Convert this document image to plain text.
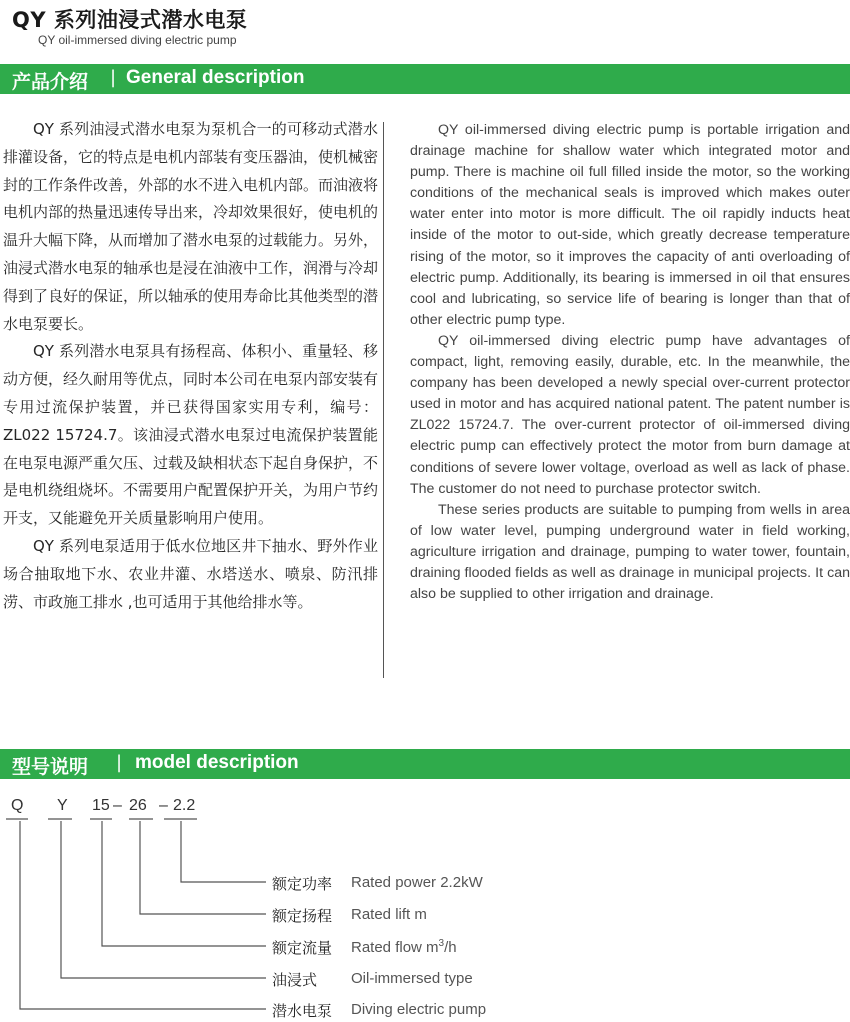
QY 系列油浸式潜水电泵
QY oil-immersed diving electric pump
产品介绍 | General description

QY 系列油浸式潜水电泵为泵机合一的可移动式潜水排灌设备，它的特点是电机内部装有变压器油，使机械密封的工作条件改善，外部的水不进入电机内部。而油液将电机内部的热量迅速传导出来，冷却效果很好，使电机的温升大幅下降，从而增加了潜水电泵的过载能力。另外，油浸式潜水电泵的轴承也是浸在油液中工作，润滑与冷却得到了良好的保证，所以轴承的使用寿命比其他类型的潜水电泵要长。

QY 系列潜水电泵具有扬程高、体积小、重量轻、移动方便，经久耐用等优点，同时本公司在电泵内部安装有专用过流保护装置，并已获得国家实用专利，编号：ZL022 15724.7。该油浸式潜水电泵过电流保护装置能在电泵电源严重欠压、过载及缺相状态下起自身保护，不是电机绕组烧坏。不需要用户配置保护开关，为用户节约开支，又能避免开关质量影响用户使用。

QY 系列电泵适用于低水位地区井下抽水、野外作业场合抽取地下水、农业井灌、水塔送水、喷泉、防汛排涝、市政施工排水 ,也可适用于其他给排水等。

QY oil-immersed diving electric pump is portable irrigation and drainage machine for shallow water which integrated motor and pump. There is machine oil full filled inside the motor, so the working conditions of the mechanical seals is improved which makes outer water enter into motor is more difficult. The oil rapidly inducts heat inside of the motor to out-side, which greatly decrease temperature rising of the motor, so it improves the capacity of anti overloading of electric pump. Additionally, its bearing is immersed in oil that ensures cool and lubricating, so service life of bearing is longer than that of other electric pump type.

QY oil-immersed diving electric pump have advantages of compact, light, removing easily, durable, etc. In the meanwhile, the company has been developed a newly special over-current protector used in motor and has acquired national patent. The patent number is ZL022 15724.7. The over-current protector of oil-immersed diving electric pump can effectively protect the motor from burn damage at conditions of severe lower voltage, overload as well as lack of phase. The customer do not need to purchase protector switch.

These series products are suitable to pumping from wells in area of low water level, pumping underground water in field working, agriculture irrigation and drainage, pumping to water tower, fountain, draining flooded fields as well as drainage in municipal projects. It can also be supplied to other irrigation and drainage.

型号说明 | model description
Q Y 15 – 26 – 2.2
额定功率 Rated power 2.2kW
额定扬程 Rated lift m
额定流量 Rated flow $m^3/h$
油浸式 Oil-immersed type
潜水电泵 Diving electric pump
